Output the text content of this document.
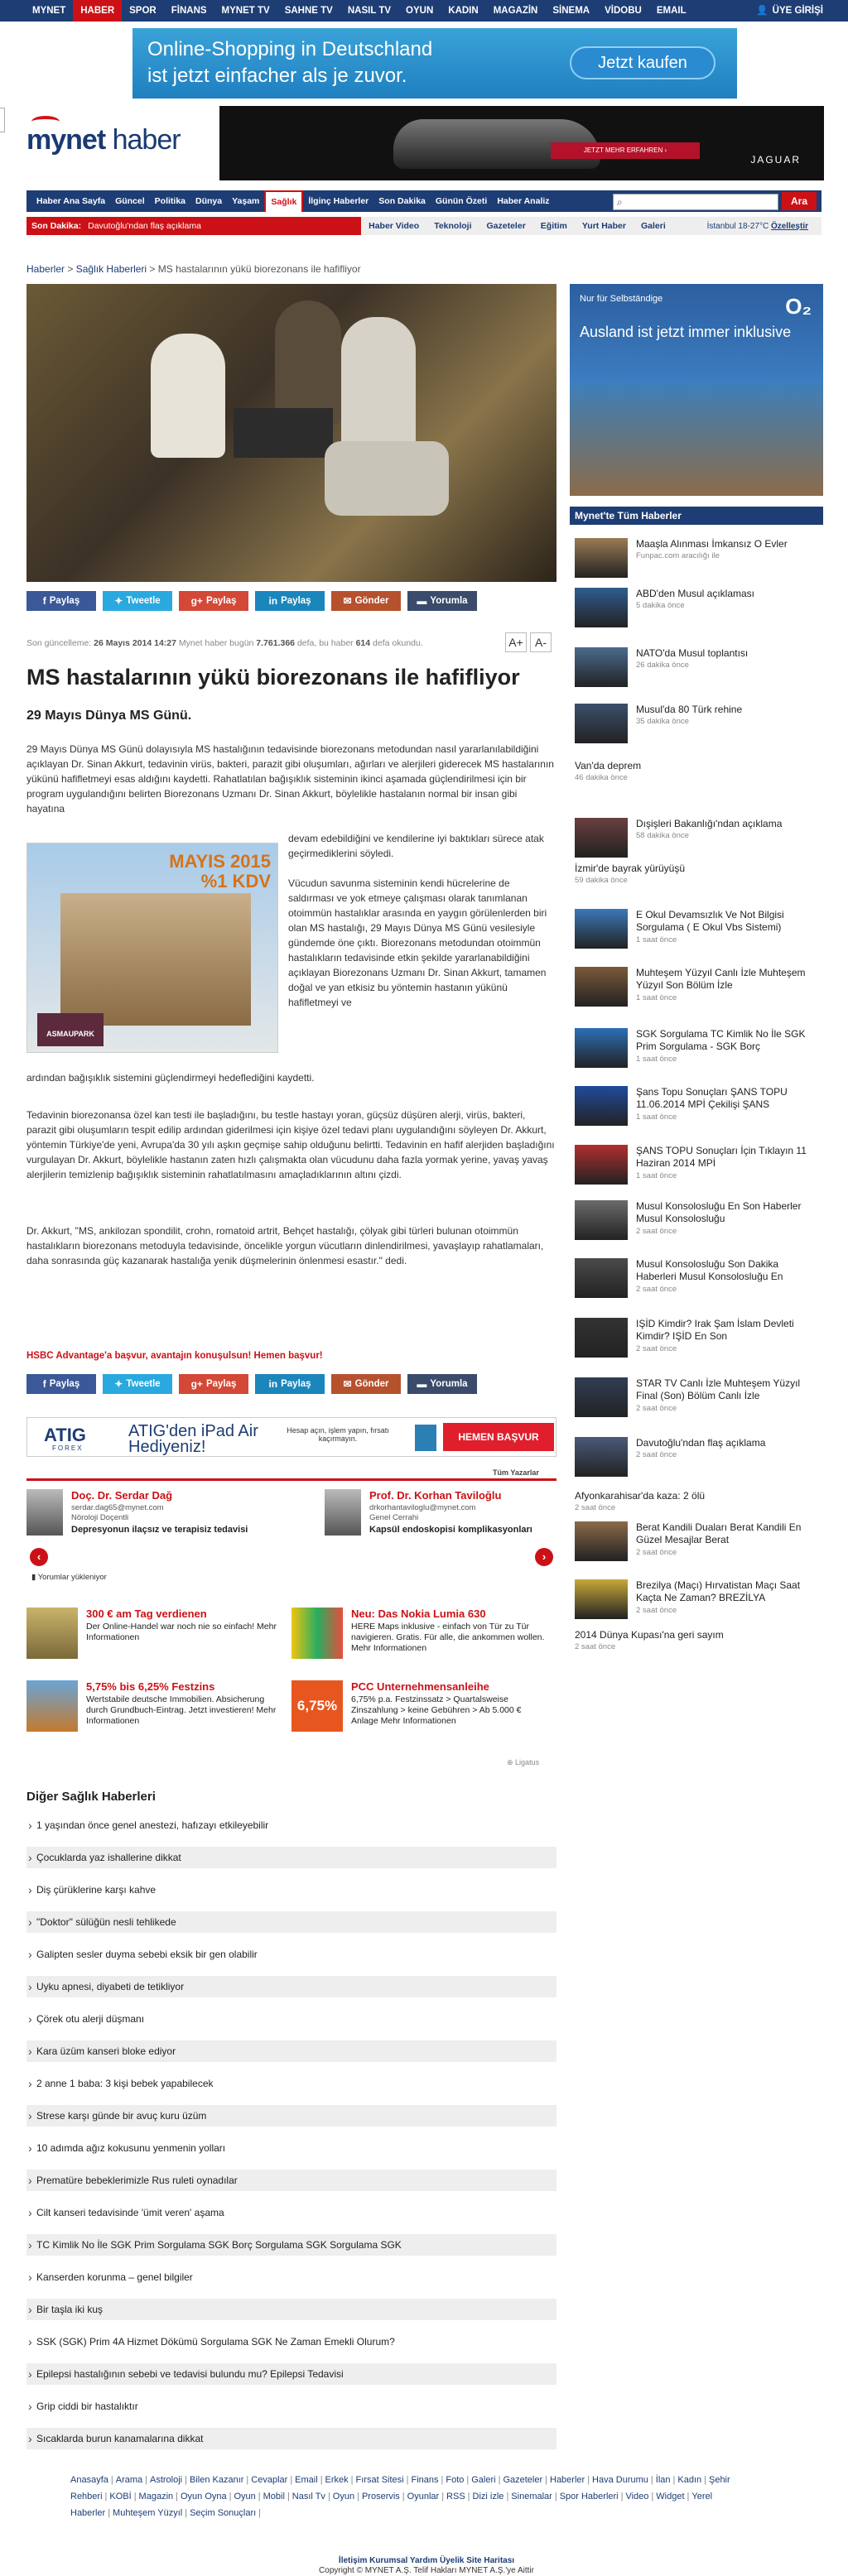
MYNET	HABER	SPOR	FİNANS	MYNET TV	SAHNE TV	NASIL TV	OYUN	KADIN	MAGAZİN	SİNEMA	VİDOBU	EMAIL	👤 ÜYE GİRİŞİ
Online-Shopping in Deutschland
ist jetzt einfacher als je zuvor.
Jetzt kaufen
mynet haber	JETZT MEHR ERFAHREN ›
JAGUAR
Haber Ana Sayfa	Güncel	Politika	Dünya	Yaşam	Sağlık	İlginç Haberler	Son Dakika	Günün Özeti	Haber Analiz	⌕	Ara
Son Dakika: Davutoğlu'ndan flaş açıklama	Haber Video	Teknoloji	Gazeteler	Eğitim	Yurt Haber	Galeri	İstanbul 18-27°C Özelleştir
Haberler > Sağlık Haberleri > MS hastalarının yükü biorezonans ile hafifliyor
f Paylaş	✦ Tweetle	g+ Paylaş	in Paylaş	✉ Gönder	▬ Yorumla
Son güncelleme: 26 Mayıs 2014 14:27 Mynet haber bugün 7.761.366 defa, bu haber 614 defa okundu.	A+	A-
MS hastalarının yükü biorezonans ile hafifliyor
29 Mayıs Dünya MS Günü.
29 Mayıs Dünya MS Günü dolayısıyla MS hastalığının tedavisinde biorezonans metodundan nasıl yararlanılabildiğini açıklayan Dr. Sinan Akkurt, tedavinin virüs, bakteri, parazit gibi oluşumları, ağırları ve alerjileri giderecek MS hastalarının yükünü hafifletmeyi esas aldığını kaydetti. Rahatlatılan bağışıklık sisteminin ikinci aşamada güçlendirilmesi için bir program uygulandığını belirten Biorezonans Uzmanı Dr. Sinan Akkurt, böylelikle hastalanın normal bir insan gibi hayatına
devam edebildiğini ve kendilerine iyi baktıkları sürece atak geçirmediklerini söyledi.
MAYIS 2015
%1 KDV
ASMAUPARK
Vücudun savunma sisteminin kendi hücrelerine de saldırması ve yok etmeye çalışması olarak tanımlanan otoimmün hastalıklar arasında en yaygın görülenlerden biri olan MS hastalığı, 29 Mayıs Dünya MS Günü vesilesiyle gündemde öne çıktı. Biorezonans metodundan otoimmün hastalıkların tedavisinde etkin şekilde yararlanabildiğini açıklayan Biorezonans Uzmanı Dr. Sinan Akkurt, tamamen doğal ve yan etkisiz bu yöntemin hastanın yükünü hafifletmeyi ve
ardından bağışıklık sistemini güçlendirmeyi hedeflediğini kaydetti.
Tedavinin biorezonansa özel kan testi ile başladığını, bu testle hastayı yoran, güçsüz düşüren alerji, virüs, bakteri, parazit gibi oluşumların tespit edilip ardından giderilmesi için kişiye özel tedavi planı uygulandığını söyleyen Dr. Akkurt, yöntemin Türkiye'de yeni, Avrupa'da 30 yılı aşkın geçmişe sahip olduğunu belirtti. Tedavinin en hafif alerjiden başladığını vurgulayan Dr. Akkurt, böylelikle hastanın zaten hızlı çalışmakta olan vücudunu daha fazla yormak yerine, yavaş yavaş alerjilerin temizlenip bağışıklık sisteminin rahatlatılmasını amaçladıklarının altını çizdi.
Dr. Akkurt, "MS, ankilozan spondilit, crohn, romatoid artrit, Behçet hastalığı, çölyak gibi türleri bulunan otoimmün hastalıkların biorezonans metoduyla tedavisinde, öncelikle yorgun vücutların dinlendirilmesi, yavaşlayıp rahatlamaları, daha sonrasında güç kazanarak hastalığa yenik düşmelerinin önlenmesi esastır." dedi.
HSBC Advantage'a başvur, avantajın konuşulsun! Hemen başvur!
f Paylaş	✦ Tweetle	g+ Paylaş	in Paylaş	✉ Gönder	▬ Yorumla
ATIG
FOREX
ATIG'den iPad Air
Hediyeniz!
Hesap açın, işlem yapın, fırsatı kaçırmayın.	HEMEN BAŞVUR
Tüm Yazarlar
Doç. Dr. Serdar Dağ
serdar.dag65@mynet.com
Nöroloji Doçentli
Depresyonun ilaçsız ve terapisiz tedavisi
Prof. Dr. Korhan Taviloğlu
drkorhantaviloglu@mynet.com
Genel Cerrahi
Kapsül endoskopisi komplikasyonları
‹	›
▮ Yorumlar yükleniyor
300 € am Tag verdienen
Der Online-Handel war noch nie so einfach! Mehr Informationen
Neu: Das Nokia Lumia 630
HERE Maps inklusive - einfach von Tür zu Tür navigieren. Gratis. Für alle, die ankommen wollen. Mehr Informationen
5,75% bis 6,25% Festzins
Wertstabile deutsche Immobilien. Absicherung durch Grundbuch-Eintrag. Jetzt investieren! Mehr Informationen
6,75%
PCC Unternehmensanleihe
6,75% p.a. Festzinssatz > Quartalsweise Zinszahlung > keine Gebühren > Ab 5.000 € Anlage Mehr Informationen
⊕ Ligatus
Diğer Sağlık Haberleri
› 1 yaşından önce genel anestezi, hafızayı etkileyebilir
› Çocuklarda yaz ishallerine dikkat
› Diş çürüklerine karşı kahve
› "Doktor" sülüğün nesli tehlikede
› Galipten sesler duyma sebebi eksik bir gen olabilir
› Uyku apnesi, diyabeti de tetikliyor
› Çörek otu alerji düşmanı
› Kara üzüm kanseri bloke ediyor
› 2 anne 1 baba: 3 kişi bebek yapabilecek
› Strese karşı günde bir avuç kuru üzüm
› 10 adımda ağız kokusunu yenmenin yolları
› Prematüre bebeklerimizle Rus ruleti oynadılar
› Cilt kanseri tedavisinde 'ümit veren' aşama
› TC Kimlik No İle SGK Prim Sorgulama SGK Borç Sorgulama SGK Sorgulama SGK
› Kanserden korunma – genel bilgiler
› Bir taşla iki kuş
› SSK (SGK) Prim 4A Hizmet Dökümü Sorgulama SGK Ne Zaman Emekli Olurum?
› Epilepsi hastalığının sebebi ve tedavisi bulundu mu? Epilepsi Tedavisi
› Grip ciddi bir hastalıktır
› Sıcaklarda burun kanamalarına dikkat
Nur für Selbständige	O₂
Ausland ist jetzt immer inklusive
Mynet'te Tüm Haberler
Maaşla Alınması İmkansız O Evler
Funpac.com aracılığı ile
ABD'den Musul açıklaması
5 dakika önce
NATO'da Musul toplantısı
26 dakika önce
Musul'da 80 Türk rehine
35 dakika önce
Van'da deprem
46 dakika önce
Dışişleri Bakanlığı'ndan açıklama
58 dakika önce
İzmir'de bayrak yürüyüşü
59 dakika önce
E Okul Devamsızlık Ve Not Bilgisi Sorgulama ( E Okul Vbs Sistemi)
1 saat önce
Muhteşem Yüzyıl Canlı İzle Muhteşem Yüzyıl Son Bölüm İzle
1 saat önce
SGK Sorgulama TC Kimlik No İle SGK Prim Sorgulama - SGK Borç
1 saat önce
Şans Topu Sonuçları ŞANS TOPU 11.06.2014 MPİ Çekilişi ŞANS
1 saat önce
ŞANS TOPU Sonuçları İçin Tıklayın 11 Haziran 2014 MPİ
1 saat önce
Musul Konsolosluğu En Son Haberler Musul Konsolosluğu
2 saat önce
Musul Konsolosluğu Son Dakika Haberleri Musul Konsolosluğu En
2 saat önce
IŞİD Kimdir? Irak Şam İslam Devleti Kimdir? IŞİD En Son
2 saat önce
STAR TV Canlı İzle Muhteşem Yüzyıl Final (Son) Bölüm Canlı İzle
2 saat önce
Davutoğlu'ndan flaş açıklama
2 saat önce
Afyonkarahisar'da kaza: 2 ölü
2 saat önce
Berat Kandili Duaları Berat Kandili En Güzel Mesajlar Berat
2 saat önce
Brezilya (Maçı) Hırvatistan Maçı Saat Kaçta Ne Zaman? BREZİLYA
2 saat önce
2014 Dünya Kupası'na geri sayım
2 saat önce
Anasayfa | Arama | Astroloji | Bilen Kazanır | Cevaplar | Email | Erkek | Fırsat Sitesi | Finans | Foto | Galeri | Gazeteler | Haberler | Hava Durumu | İlan | Kadın | Şehir Rehberi | KOBİ | Magazin | Oyun Oyna | Oyun | Mobil | Nasıl Tv | Oyun | Proservis | Oyunlar | RSS | Dizi izle | Sinemalar | Spor Haberleri | Video | Widget | Yerel Haberler | Muhteşem Yüzyıl | Seçim Sonuçları |
İletişim Kurumsal Yardım Üyelik Site Haritası
Copyright © MYNET A.Ş. Telif Hakları MYNET A.Ş.'ye Aittir
